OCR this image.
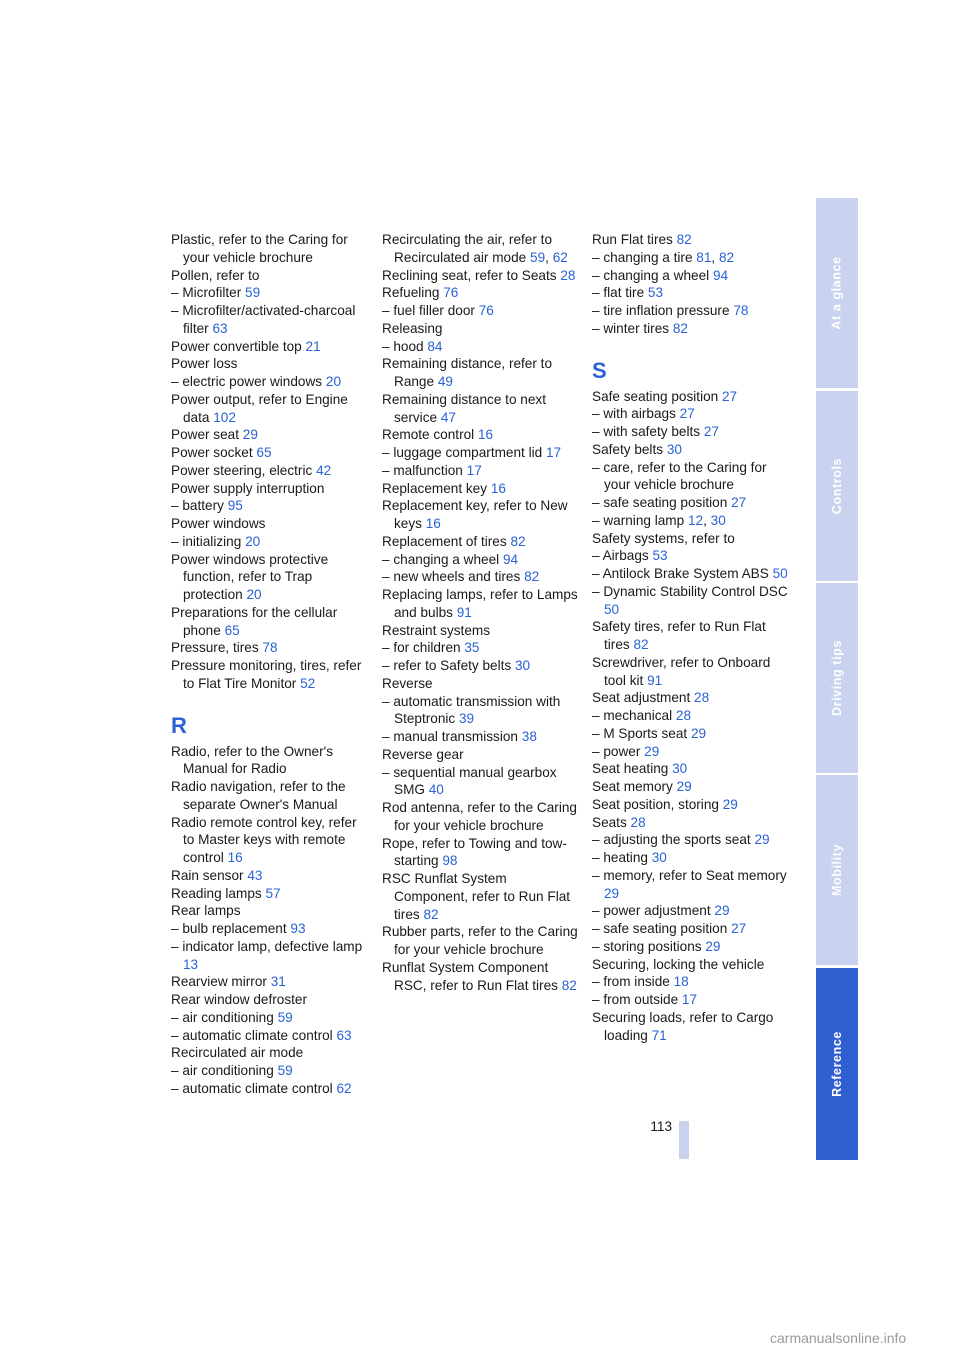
Plastic, refer to the Caring for your vehicle brochure
Pollen, refer to
– Microfilter 59
– Microfilter/activated-charcoal filter 63
Power convertible top 21
Power loss
– electric power windows 20
Power output, refer to Engine data 102
Power seat 29
Power socket 65
Power steering, electric 42
Power supply interruption
– battery 95
Power windows
– initializing 20
Power windows protective function, refer to Trap protection 20
Preparations for the cellular phone 65
Pressure, tires 78
Pressure monitoring, tires, refer to Flat Tire Monitor 52
R
Radio, refer to the Owner's Manual for Radio
Radio navigation, refer to the separate Owner's Manual
Radio remote control key, refer to Master keys with remote control 16
Rain sensor 43
Reading lamps 57
Rear lamps
– bulb replacement 93
– indicator lamp, defective lamp 13
Rearview mirror 31
Rear window defroster
– air conditioning 59
– automatic climate control 63
Recirculated air mode
– air conditioning 59
– automatic climate control 62
Recirculating the air, refer to Recirculated air mode 59, 62
Reclining seat, refer to Seats 28
Refueling 76
– fuel filler door 76
Releasing
– hood 84
Remaining distance, refer to Range 49
Remaining distance to next service 47
Remote control 16
– luggage compartment lid 17
– malfunction 17
Replacement key 16
Replacement key, refer to New keys 16
Replacement of tires 82
– changing a wheel 94
– new wheels and tires 82
Replacing lamps, refer to Lamps and bulbs 91
Restraint systems
– for children 35
– refer to Safety belts 30
Reverse
– automatic transmission with Steptronic 39
– manual transmission 38
Reverse gear
– sequential manual gearbox SMG 40
Rod antenna, refer to the Caring for your vehicle brochure
Rope, refer to Towing and tow-starting 98
RSC Runflat System Component, refer to Run Flat tires 82
Rubber parts, refer to the Caring for your vehicle brochure
Runflat System Component RSC, refer to Run Flat tires 82
Run Flat tires 82
– changing a tire 81, 82
– changing a wheel 94
– flat tire 53
– tire inflation pressure 78
– winter tires 82
S
Safe seating position 27
– with airbags 27
– with safety belts 27
Safety belts 30
– care, refer to the Caring for your vehicle brochure
– safe seating position 27
– warning lamp 12, 30
Safety systems, refer to
– Airbags 53
– Antilock Brake System ABS 50
– Dynamic Stability Control DSC 50
Safety tires, refer to Run Flat tires 82
Screwdriver, refer to Onboard tool kit 91
Seat adjustment 28
– mechanical 28
– M Sports seat 29
– power 29
Seat heating 30
Seat memory 29
Seat position, storing 29
Seats 28
– adjusting the sports seat 29
– heating 30
– memory, refer to Seat memory 29
– power adjustment 29
– safe seating position 27
– storing positions 29
Securing, locking the vehicle
– from inside 18
– from outside 17
Securing loads, refer to Cargo loading 71
At a glance
Controls
Driving tips
Mobility
Reference
113
carmanualsonline.info
